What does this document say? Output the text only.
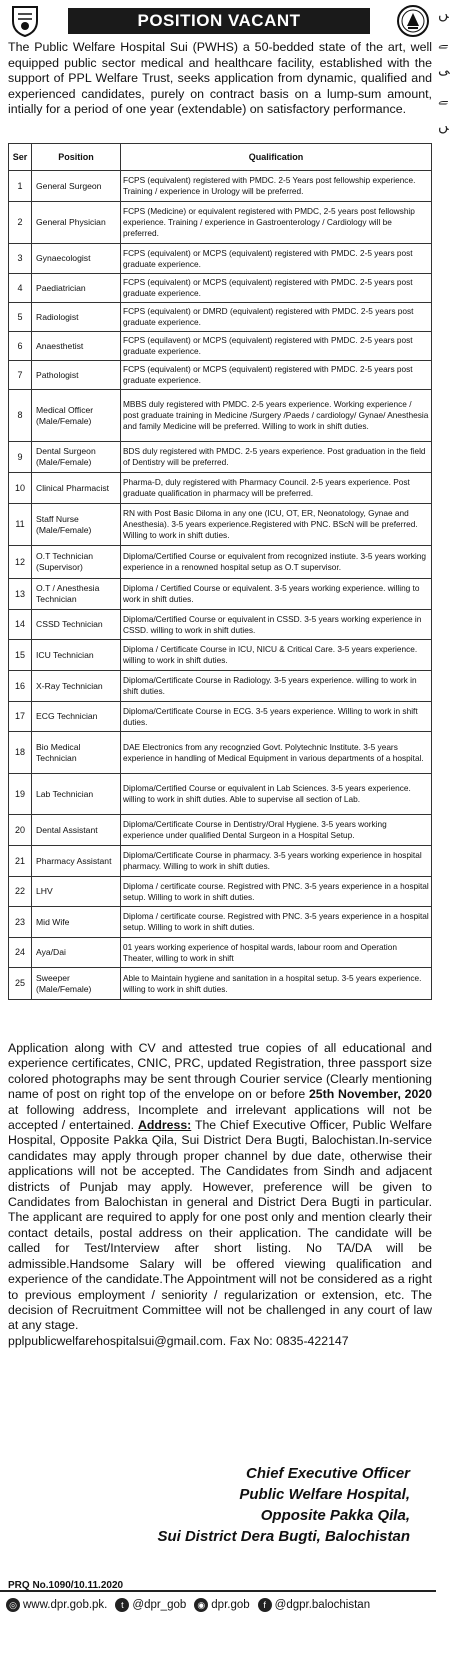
POSITION VACANT
The Public Welfare Hospital Sui (PWHS) a 50-bedded state of the art, well equipped public sector medical and healthcare facility, established with the support of PPL Welfare Trust, seeks application from dynamic, qualified and experienced candidates, purely on contract basis on a lump-sum amount, intially for a period of one year (extendable) on satisfactory performance.
Ser	Position	Qualification
1	General Surgeon	FCPS (equivalent) registered with PMDC. 2-5 Years post fellowship experience. Training / experience in Urology will be preferred.
2	General Physician	FCPS (Medicine) or equivalent registered with PMDC, 2-5 years post fellowship experience. Training / experience in Gastroenterology / Cardiology will be preferred.
3	Gynaecologist	FCPS (equivalent) or MCPS (equivalent) registered with PMDC. 2-5 years post graduate experience.
4	Paediatrician	FCPS (equivalent) or MCPS (equivalent) registered with PMDC. 2-5 years post graduate experience.
5	Radiologist	FCPS (equivalent) or DMRD (equivalent) registered with PMDC. 2-5 years post graduate experience.
6	Anaesthetist	FCPS (equilavent) or MCPS (equivalent) registered with PMDC. 2-5 years post graduate experience.
7	Pathologist	FCPS (equivalent) or MCPS (equivalent) registered with PMDC. 2-5 years post graduate experience.
8	Medical Officer (Male/Female)	MBBS duly registered with PMDC. 2-5 years experience. Working experience / post graduate training in Medicine /Surgery /Paeds / cardiology/ Gynae/ Anesthesia and family Medicine will be preferred. Willing to work in shift duties.
9	Dental Surgeon (Male/Female)	BDS duly registered with PMDC. 2-5 years experience. Post graduation in the field of Dentistry will be preferred.
10	Clinical Pharmacist	Pharma-D, duly registered with Pharmacy Council. 2-5 years experience. Post graduate qualification in pharmacy will be preferred.
11	Staff Nurse (Male/Female)	RN with Post Basic Diloma in any one (ICU, OT, ER, Neonatology, Gynae and Anesthesia). 3-5 years experience.Registered with PNC. BScN will be preferred. Willing to work in shift duties.
12	O.T Technician (Supervisor)	Diploma/Certified Course or equivalent from recognized instiute. 3-5 years working experience in a renowned hospital setup as O.T supervisor.
13	O.T / Anesthesia Technician	Diploma / Certified Course or equivalent. 3-5 years working experience. willing to work in shift duties.
14	CSSD Technician	Diploma/Certified Course or equivalent in CSSD. 3-5 years working experience in CSSD. willing to work in shift duties.
15	ICU Technician	Diploma / Certificate Course in ICU, NICU & Critical Care. 3-5 years experience. willing to work in shift duties.
16	X-Ray Technician	Diploma/Certificate Course in Radiology. 3-5 years experience. willing to work in shift duties.
17	ECG Technician	Diploma/Certificate Course in ECG. 3-5 years experience. Willing to work in shift duties.
18	Bio Medical Technician	DAE Electronics from any recognzied Govt. Polytechnic Institute. 3-5 years experience in handling of Medical Equipment in various departments of a hospital.
19	Lab Technician	Diploma/Certified Course or equivalent in Lab Sciences. 3-5 years experience. willing to work in shift duties. Able to supervise all section of Lab.
20	Dental Assistant	Diploma/Certificate Course in Dentistry/Oral Hygiene. 3-5 years working experience under qualified Dental Surgeon in a Hospital Setup.
21	Pharmacy Assistant	Diploma/Certificate Course in pharmacy. 3-5 years working experience in hospital pharmacy. Willing to work in shift duties.
22	LHV	Diploma / certificate course. Registred with PNC. 3-5 years experience in a hospital setup. Willing to work in shift duties.
23	Mid Wife	Diploma / certificate course. Registred with PNC. 3-5 years experience in a hospital setup. Willing to work in shift duties.
24	Aya/Dai	01 years working experience of hospital wards, labour room and Operation Theater, willing to work in shift
25	Sweeper (Male/Female)	Able to Maintain hygiene and sanitation in a hospital setup. 3-5 years experience. willing to work in shift duties.
Application along with CV and attested true copies of all educational and experience certificates, CNIC, PRC, updated Registration, three passport size colored photographs may be sent through Courier service (Clearly mentioning name of post on right top of the envelope on or before 25th November, 2020 at following address, Incomplete and irrelevant applications will not be accepted / entertained. Address: The Chief Executive Officer, Public Welfare Hospital, Opposite Pakka Qila, Sui District Dera Bugti, Balochistan.In-service candidates may apply through proper channel by due date, otherwise their applications will not be accepted. The Candidates from Sindh and adjacent districts of Punjab may apply. However, preference will be given to Candidates from Balochistan in general and District Dera Bugti in particular. The applicant are required to apply for one post only and mention clearly their contact details, postal address on their application. The candidate will be called for Test/Interview after short listing. No TA/DA will be admissible.Handsome Salary will be offered viewing qualification and experience of the candidate.The Appointment will not be considered as a right to previous employment / seniority / regularization or extension, etc. The decision of Recruitment Committee will not be challenged in any court of law at any stage.
pplpublicwelfarehospitalsui@gmail.com. Fax No: 0835-422147
Chief Executive Officer
Public Welfare Hospital,
Opposite Pakka Qila,
Sui District Dera Bugti, Balochistan
PRQ No.1090/10.11.2020
◎ www.dpr.gob.pk.	t @dpr_gob	◉ dpr.gob	f @dgpr.balochistan
ﮟ
ﮯ
ﯽ
ﮯ
ﮟ
